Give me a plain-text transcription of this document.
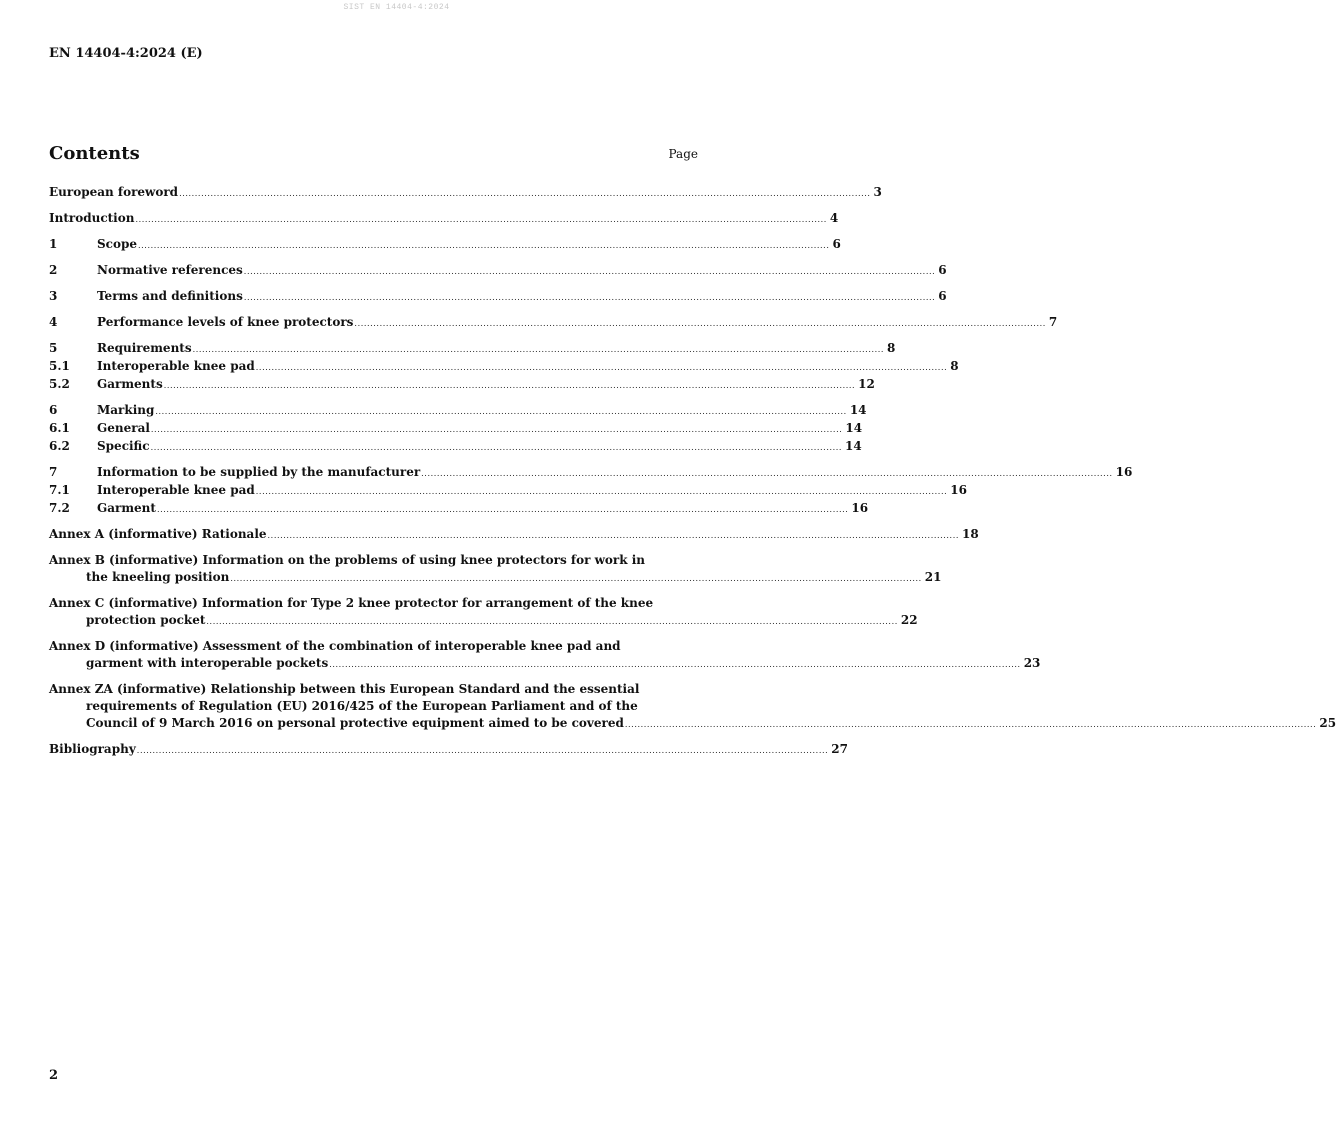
SIST EN 14404-4:2024
EN 14404-4:2024 (E)
Contents	Page
European foreword ............................................................................................................................................................................................................................ 3
Introduction ............................................................................................................................................................................................................................ 4
1	Scope ............................................................................................................................................................................................................................ 6
2	Normative references ............................................................................................................................................................................................................................ 6
3	Terms and definitions ............................................................................................................................................................................................................................ 6
4	Performance levels of knee protectors ............................................................................................................................................................................................................................ 7
5	Requirements ............................................................................................................................................................................................................................ 8
5.1	Interoperable knee pad ............................................................................................................................................................................................................................ 8
5.2	Garments ............................................................................................................................................................................................................................ 12
6	Marking ............................................................................................................................................................................................................................ 14
6.1	General ............................................................................................................................................................................................................................ 14
6.2	Specific ............................................................................................................................................................................................................................ 14
7	Information to be supplied by the manufacturer ............................................................................................................................................................................................................................ 16
7.1	Interoperable knee pad ............................................................................................................................................................................................................................ 16
7.2	Garment ............................................................................................................................................................................................................................ 16
Annex A (informative) Rationale ............................................................................................................................................................................................................................ 18
Annex B (informative) Information on the problems of using knee protectors for work in
the kneeling position ............................................................................................................................................................................................................................ 21
Annex C (informative) Information for Type 2 knee protector for arrangement of the knee
protection pocket ............................................................................................................................................................................................................................ 22
Annex D (informative) Assessment of the combination of interoperable knee pad and
garment with interoperable pockets ............................................................................................................................................................................................................................ 23
Annex ZA (informative) Relationship between this European Standard and the essential
requirements of Regulation (EU) 2016/425 of the European Parliament and of the
Council of 9 March 2016 on personal protective equipment aimed to be covered ............................................................................................................................................................................................................................ 25
Bibliography ............................................................................................................................................................................................................................ 27
2
